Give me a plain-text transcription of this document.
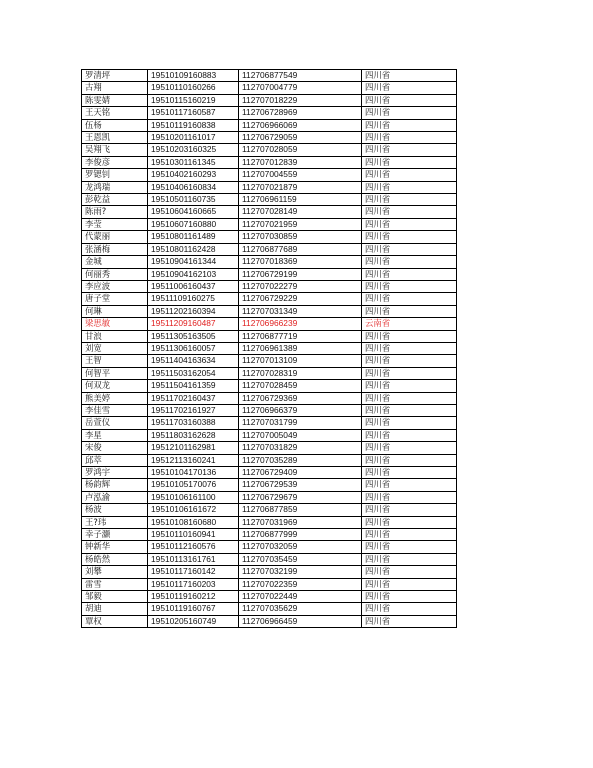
罗清坪	19510109160883	112706877549	四川省
古翔	19510110160266	112707004779	四川省
陈雯婧	19510115160219	112707018229	四川省
王天铭	19510117160587	112706728969	四川省
伍杨	19510119160838	112706966069	四川省
王恩凯	19510201161017	112706729059	四川省
吴翔飞	19510203160325	112707028059	四川省
李俊彦	19510301161345	112707012839	四川省
罗锶钊	19510402160293	112707004559	四川省
龙鸿瑞	19510406160834	112707021879	四川省
彭乾益	19510501160735	112706961159	四川省
陈雨?	19510604160665	112707028149	四川省
李莹	19510607160880	112707021959	四川省
代蒙丽	19510801161489	112707030859	四川省
张涵梅	19510801162428	112706877689	四川省
金城	19510904161344	112707018369	四川省
何丽秀	19510904162103	112706729199	四川省
李应波	19511006160437	112707022279	四川省
唐子堂	19511109160275	112706729229	四川省
何琳	19511202160394	112707031349	四川省
梁思敏	19511209160487	112706966239	云南省
甘浪	19511305163505	112706877719	四川省
刘宽	19511306160057	112706961389	四川省
王智	19511404163634	112707013109	四川省
何智平	19511503162054	112707028319	四川省
何双龙	19511504161359	112707028459	四川省
熊美婷	19511702160437	112706729369	四川省
李佳雪	19511702161927	112706966379	四川省
岳萱仪	19511703160388	112707031799	四川省
李星	19511803162628	112707005049	四川省
宋俊	19512101162981	112707031829	四川省
邱萃	19512113160241	112707035289	四川省
罗鸿宇	19510104170136	112706729409	四川省
杨韵辉	19510105170076	112706729539	四川省
卢泓渝	19510106161100	112706729679	四川省
杨波	19510106161672	112706877859	四川省
王?玮	19510108160680	112707031969	四川省
幸子灏	19510110160941	112706877999	四川省
钟新华	19510112160576	112707032059	四川省
杨皓然	19510113161761	112707035459	四川省
刘攀	19510117160142	112707032199	四川省
雷雪	19510117160203	112707022359	四川省
邹毅	19510119160212	112707022449	四川省
胡迪	19510119160767	112707035629	四川省
覃权	19510205160749	112706966459	四川省
